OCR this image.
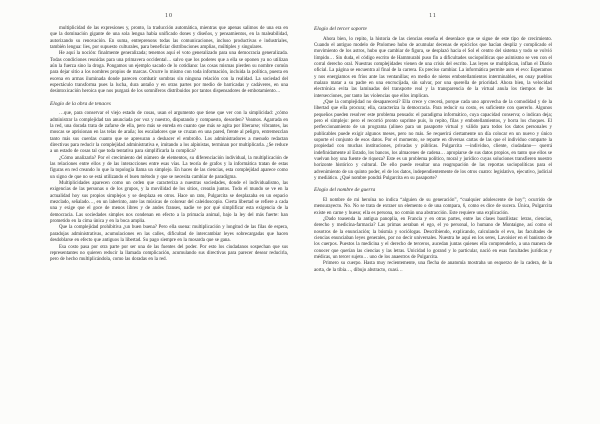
10

multiplicidad de las expresiones y, pronto, la traducción automática, mientras que apenas salimos de una era en que la dominación gigante de una sola lengua había unificado dones y diseños, y pensamientos, en la maleabilidad, autorizando su renovación. En suma, entreprenons todas las comunicaciones, incluso productivas e industriales, también lengua: lies, por supuesto culturales, para beneficiar distribuciones amplias, múltiples y singulares.

He aquí la noción: finalmente generalizada; tenemos aquí el voto generalizado para una democracia generalizada. Todas condiciones reunidas para una primavera occidental… salvo que los poderes que a ella se oponen ya no utilizan aún la fuerza sino la droga. Pongamos un ejemplo sacado de lo cotidiano: las cosas mismas pierden su nombre común para dejar sitio a los nombres propios de marcas. Ocurre lo mismo con toda información, incluida la política, puesta en escena en armas iluminada donde parecen combatir sombras sin ninguna relación con la realidad. La sociedad del espectáculo transforma pues la lucha, dura antaño y en otras partes por medio de barricadas y cadáveres, en una desintoxicación heroica que nos purgará de los somníferos distribuidos por tantos dispensadores de embotamiento…

Elogio de la obra de tenaces

…que, para conservar el viejo estado de cosas, usan el argumento que tiene que ver con la simplicidad: ¿cómo administrar la complejidad tan anunciada por voz y nuestro, disputando y compuesto, desorden? Veamos. Agarrada en la red, una dorada trata de zafarse de ella, pero más se enreda en cuanto que más se agita por liberarse; vibrantes, las moscas se aprisionan en las telas de araña; los escaladores que se cruzan en una pared, frente al peligro, entremezclan tanto más sus cuerdas cuanto que se apresuran a deshacer el embrollo. Los administradores a menudo redactan directivas para reducir la complejidad administrativa e, imitando a los alpinistas, terminan por multiplicarla. ¿Se reduce a un estado de cosas tal que toda tentativa para simplificarla la complica?

¿Cómo analizarla? Por el crecimiento del número de elementos, su diferenciación individual, la multiplicación de las relaciones entre ellos y de las interacciones entre esas vías. La teoría de grafos y la informática tratan de estas figuras en red creando lo que la topología llama un simplejo. En haces de las ciencias, esta complejidad aparece como un signo de que no se está utilizando el buen método y que se necesita cambiar de paradigma.

Multiplicidades aparecen como un orden que caracteriza a nuestras sociedades, donde el individualismo, las exigencias de las personas o de los grupos, y la movilidad de los sitios, crearán juntos. Todo el mundo se ve en la actualidad hoy sus propios simplejos y se desplaza en otros. Hace un rato, Pulgarcita se desplazaba en un espacio mezclado, señalado…, en un laberinto, ante las músicas de colorear del caleidoscopio. Cierta libertad se refiere a cada una y exige que el goce de menos libres y de andes franses, nadie ve por qué simplificar esta exigencia de la democracia. Las sociedades simples nos condenan en efecto a la primacía animal, bajo la ley del más fuerte: han prometido en la cima única y en la boca amplia.

Que la complejidad prohibitiva ¿un buen buena? Pero ella suena: multiplicación y longitud de las filas de espera, paradojas administrativas, acumulaciones en las calles, dificultad de intercambiar leyes sobrecargadas que hacen desdoblarse en efecto que antiguos la libertad. Su pago siempre en la mosarda que se gana.

Esa costo pasa por otra parte por ser una de las fuentes del poder. Por esto los ciudadanos sospechan que sus representantes no quieren reducir la llamada complicación, acumulando sus directivas para parecer desear reducirla, pero de hecho multiplicándola, como las doradas en la red.

11
Elogio del tercer soporte

Ahora bien, lo repito, la historia de las ciencias enseña el desenlace que se sigue de este tipo de crecimiento. Cuando el antiguo modelo de Ptolomeo hubo de acumular decenas de epiciclos que hacían despliz y complicado el movimiento de los astros, hubo que cambiar de figura, se desplazó hacia el Sol el centro del sistema y todo se volvió límpido… Sin duda, el código escrito de Hammurabi puso fin a dificultades sociopolíticas que asimismo se ven con el corral derecho oral. Nuestras complejidades vienen de una crisis del escrito. Las leyes se multiplican, inflan el Diario oficial. La página se encuentra al final de la carrera. Es preciso cambiar. La informática permite auto el evo: Esperamos y nos energiamos en fríos ante las ventanillas; en medio de nietos embotellamientos interminables, en onay pueblos malazo matar a su padre en una encrucijada, sin salvar, por una querella de prioridad. Ahora bien, la velocidad electrónica evita las laminadas del transporte real y la transparencia de la virtual anula los tiempos de las intersecciones, por tanto las violencias que ellos implican.

¿Que la complejidad no desaparecerá? Ella crece y crecerá, porque cada uno aprovecha de la comodidad y de la libertad que ella procura; ella, caracteriza la democracia. Para reducir su costo, es suficiente con quererlo. Algunos pequeños pueden resolver este problema pensado: el paradigma informático, cuya capacidad conserva; o indican deja; pero el simplejo: pero el recorrió pronto suprime puis, lo repito, filas y embotellamientos, y borra los choques. El perfeccionamiento de un programa (alineo para un pasaporte virtual y válido para todos los datos personales y publicables puede exigir algunos meses, pero no más. Se requerirá ciertamente un día colocar en un nuevo y único soporte el conjunto de esos datos. Por el momento, se reparte en diversas cartas de las que el individuo comparte la propiedad con muchas instituciones, privadas y públicas. Pulgarcita —individuo, cliente, ciudadano— querrá indefinidamente al Estado, los bancos, los almacenes de cadena… apropiarse de sus datos propios, en tanto que ellos se vuelvan hoy una fuente de riqueza? Este es un problema político, moral y jurídico cuyas soluciones transfieren nuestro horizonte histórico y cultural. De ello puede resultar una reagrupación de las reportas sociopolíticas para el advenimiento de un quinto poder, el de los datos, independientemente de los otros cuatro: legislativo, ejecutivo, judicial y mediático. ¿Qué nombre pondrá Pulgarcita en su pasaporte?

Elogio del nombre de guerra

El nombre de mi heroína no indica “alguien de su generación”, “cualquier adolescente de hoy”; ocurrido de mensurayecto. No. No se trata de extraer un elemento o de una compara, 6, como es dice de sucera. Única, Pulgarcita existe en carne y hueso; ella es persona, no común una abstracción. Este requiere una explicación.

¿Dado toasenda la antigua panoplia, en Francia y en otras partes, entre las clases bautilistas: letras, ciencias, derecho y medicina-farmacia? Las primas aeraban el ego, el yo personal, lo humano de Montaigne, así como el nosotros de la enunciación; la búsmía y sociólogas. Describiendo, explicando, calculando el evo, las facultades de ciencias enunciaban leyes generales, por no decir universales. Nuestra he aquí en los seres, Lavoisier en el banismo de los cuerpos. Puestos la medicina y el derecho de terceros, aucedan juntas quienes ella comprenderlo, a una manera de conocer que querían las ciencias y las letras. Unicidad lo gorand y lo particular, nació en esas facultades jurídicas y médicas, un tercer sujeto… uno de los anaestros de Pulgarcita.

Primero su cuerpo. Hasta muy recientemente, una flecha de anatomía mostraba un esquerzo de la cadera, de la aorta, de la tibia…, dibujo abstracto, cuasi…
